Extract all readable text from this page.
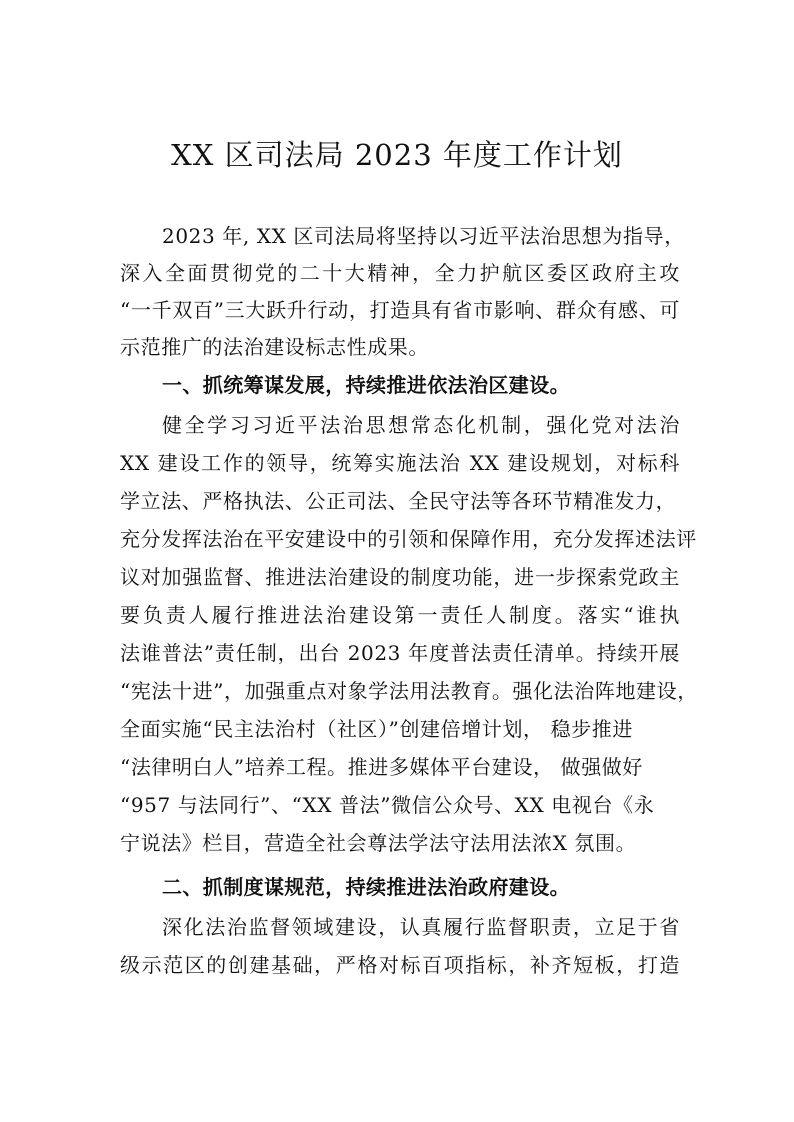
XX 区司法局 2023 年度工作计划
2023 年, XX 区司法局将坚持以习近平法治思想为指导，
深入全面贯彻党的二十大精神，全力护航区委区政府主攻
“一千双百”三大跃升行动，打造具有省市影响、群众有感、可
示范推广的法治建设标志性成果。
一、抓统筹谋发展，持续推进依法治区建设。
健全学习习近平法治思想常态化机制，强化党对法治
XX 建设工作的领导，统筹实施法治 XX 建设规划，对标科
学立法、严格执法、公正司法、全民守法等各环节精准发力，
充分发挥法治在平安建设中的引领和保障作用，充分发挥述法评
议对加强监督、推进法治建设的制度功能，进一步探索党政主
要负责人履行推进法治建设第一责任人制度。落实“谁执
法谁普法”责任制，出台 2023 年度普法责任清单。持续开展
“宪法十进”，加强重点对象学法用法教育。强化法治阵地建设，
全面实施“民主法治村（社区）”创建倍增计划， 稳步推进
“法律明白人”培养工程。推进多媒体平台建设， 做强做好
“957 与法同行”、“XX 普法”微信公众号、XX 电视台《永
宁说法》栏目，营造全社会尊法学法守法用法浓X 氛围。
二、抓制度谋规范，持续推进法治政府建设。
深化法治监督领域建设，认真履行监督职责，立足于省
级示范区的创建基础，严格对标百项指标，补齐短板，打造
